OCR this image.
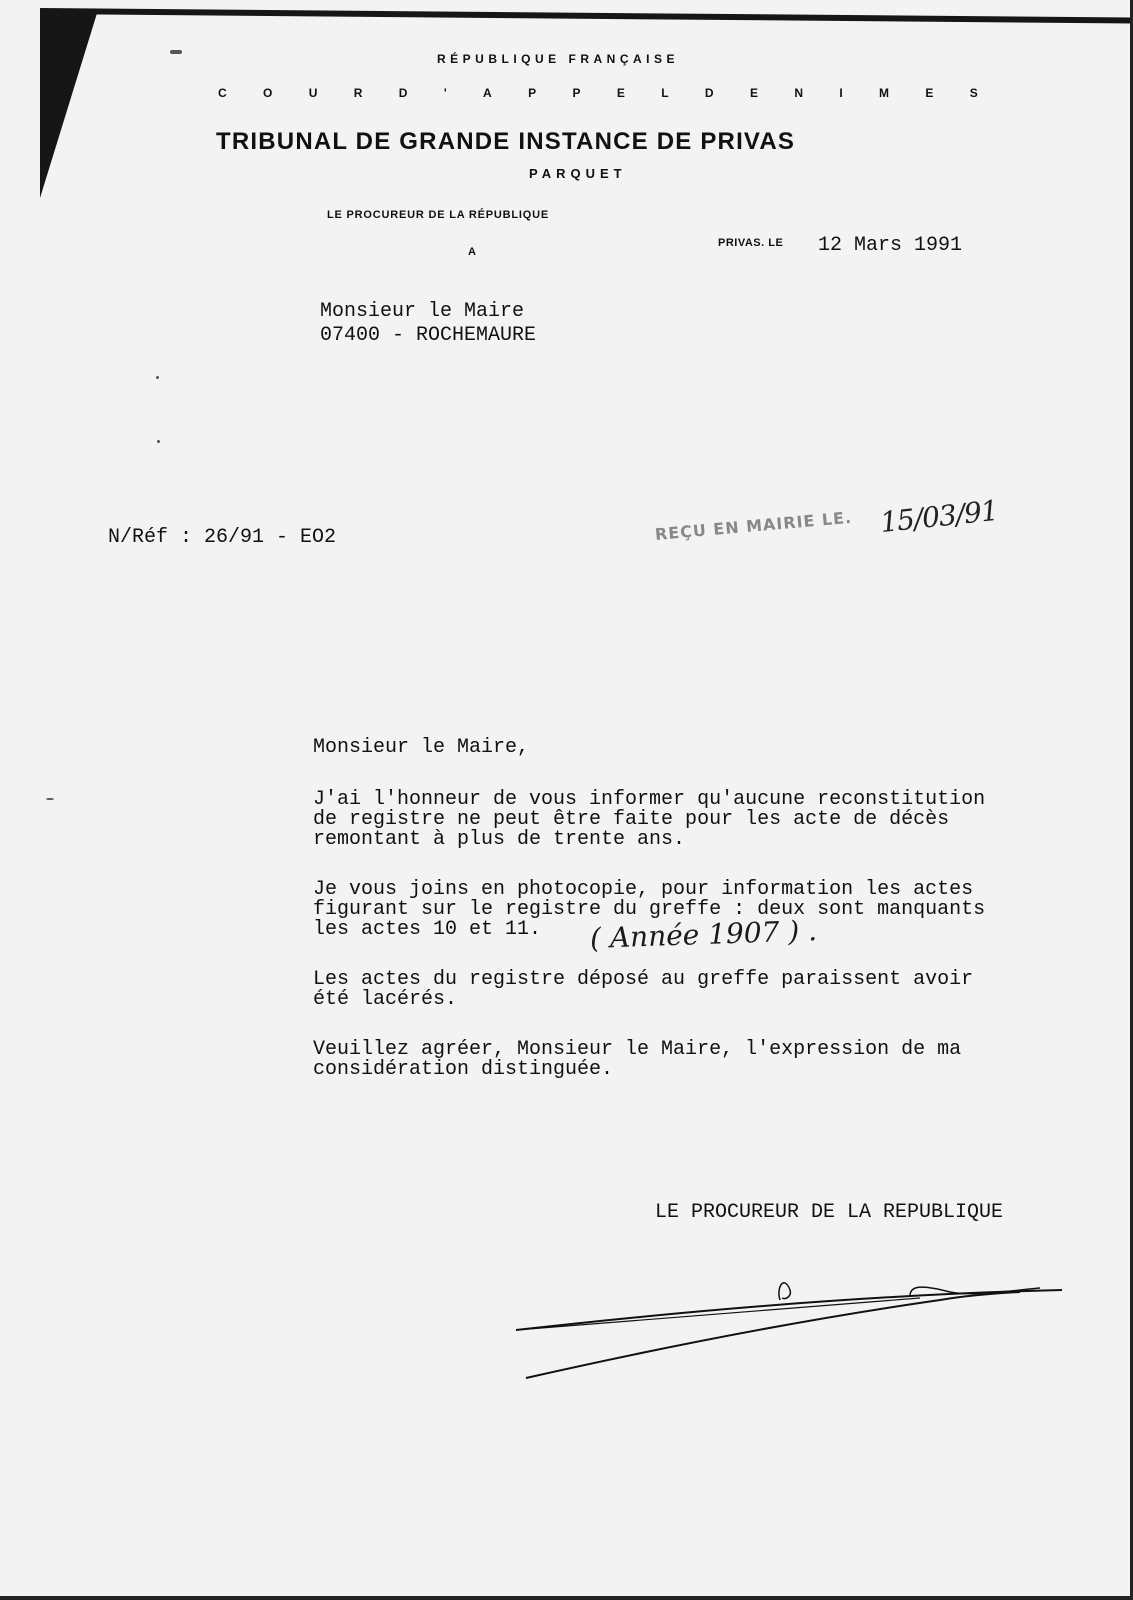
RÉPUBLIQUE FRANÇAISE
C	O	U	R	D	'	A	P	P	E	L	D	E	N	I	M	E	S
TRIBUNAL DE GRANDE INSTANCE DE PRIVAS
PARQUET
LE PROCUREUR DE LA RÉPUBLIQUE
A
PRIVAS. LE 12 Mars 1991
Monsieur le Maire
07400 - ROCHEMAURE
N/Réf : 26/91 - EO2	REÇU EN MAIRIE LE. 15/03/91
Monsieur le Maire,
J'ai l'honneur de vous informer qu'aucune reconstitution
de registre ne peut être faite pour les acte de décès
remontant à plus de trente ans.
Je vous joins en photocopie, pour information les actes
figurant sur le registre du greffe : deux sont manquants
les actes 10 et 11.	( Année 1907 ) .
Les actes du registre déposé au greffe paraissent avoir
été lacérés.
Veuillez agréer, Monsieur le Maire, l'expression de ma
considération distinguée.
LE PROCUREUR DE LA REPUBLIQUE
